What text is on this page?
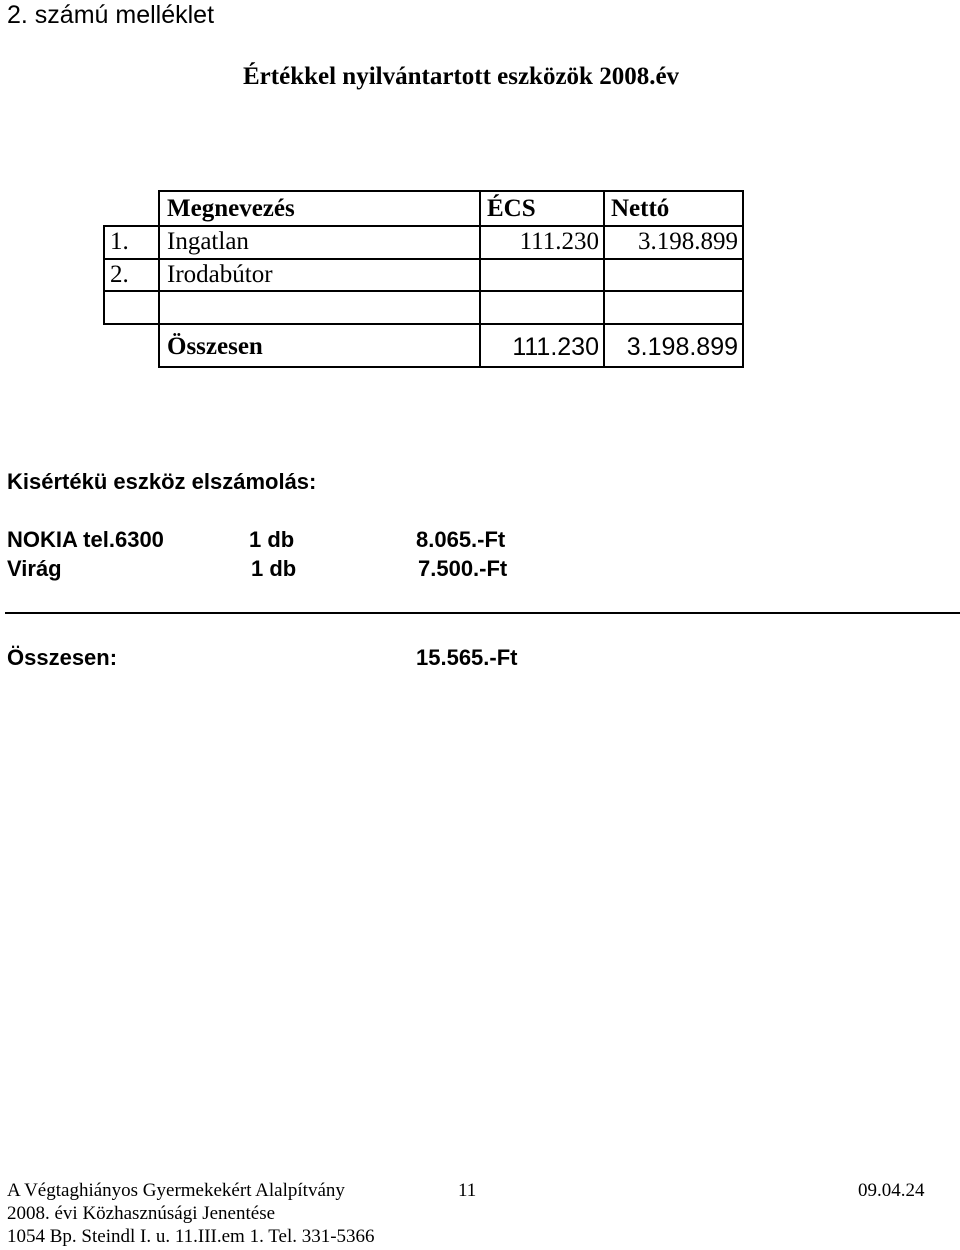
2. számú melléklet
Értékkel nyilvántartott eszközök 2008.év
Megnevezés	ÉCS	Nettó
1. Ingatlan	111.230	3.198.899
2. Irodabútor
Összesen	111.230	3.198.899
Kisértékü eszköz elszámolás:
NOKIA tel.6300	1 db	8.065.-Ft
Virág	1 db	7.500.-Ft
Összesen:	15.565.-Ft
A Végtaghiányos Gyermekekért Alalpítvány	11	09.04.24
2008. évi Közhasznúsági Jenentése
1054 Bp. Steindl I. u. 11.III.em 1. Tel. 331-5366
